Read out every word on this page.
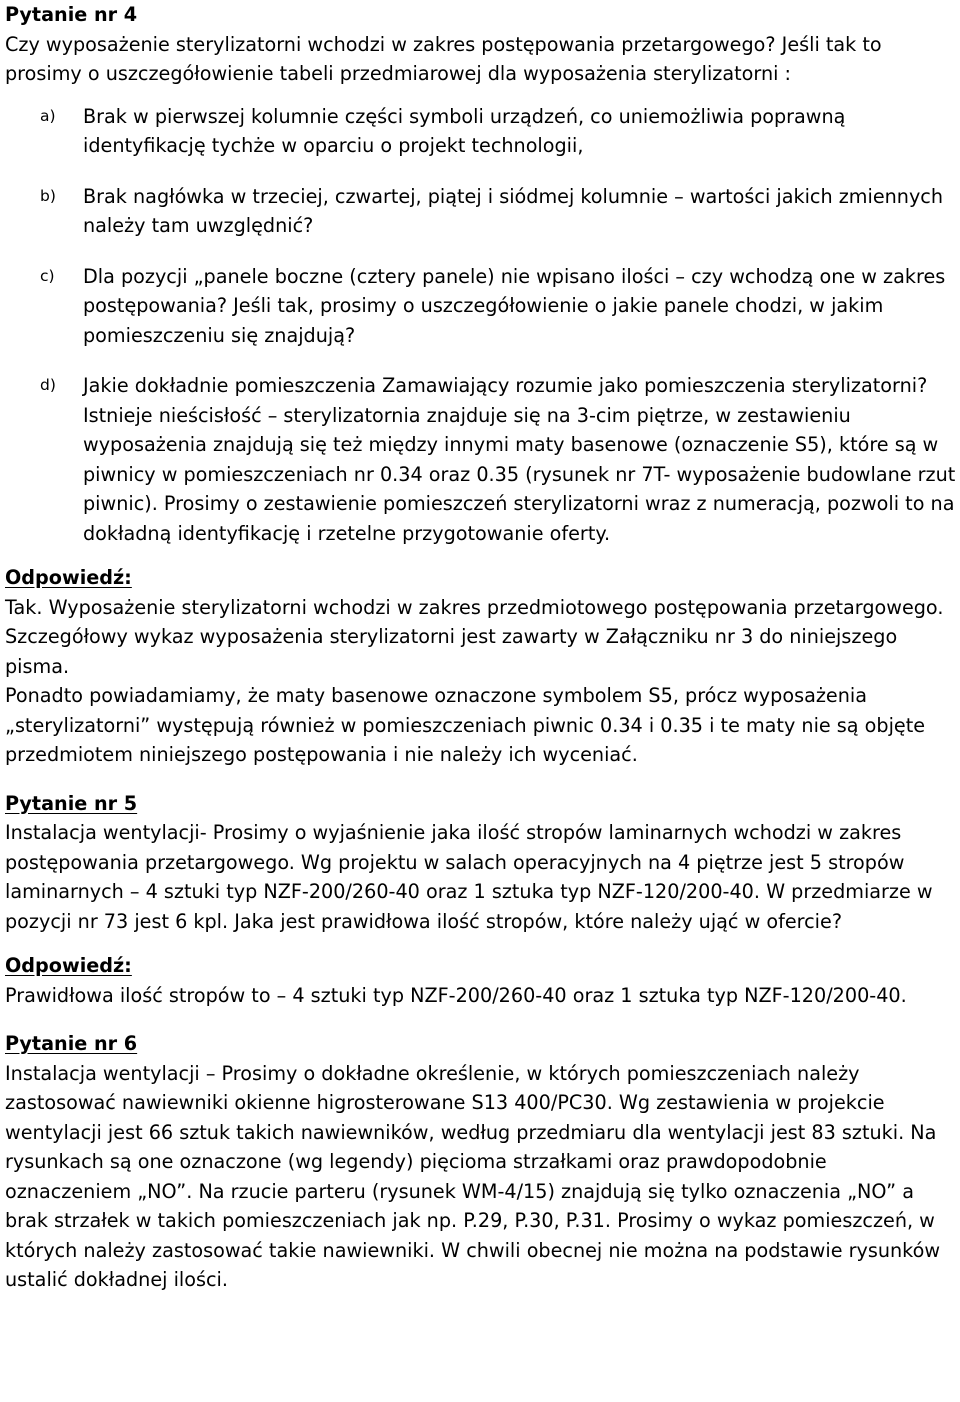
Pytanie nr 4

Czy wyposażenie sterylizatorni wchodzi w zakres postępowania przetargowego? Jeśli tak to prosimy o uszczegółowienie tabeli przedmiarowej dla wyposażenia sterylizatorni :

a)	Brak w pierwszej kolumnie części symboli urządzeń, co uniemożliwia poprawną identyfikację tychże w oparciu o projekt technologii,
b)	Brak nagłówka w trzeciej, czwartej, piątej i siódmej kolumnie – wartości jakich zmiennych należy tam uwzględnić?
c)	Dla pozycji „panele boczne (cztery panele) nie wpisano ilości – czy wchodzą one w zakres postępowania? Jeśli tak, prosimy o uszczegółowienie o jakie panele chodzi, w jakim pomieszczeniu się znajdują?
d)	Jakie dokładnie pomieszczenia Zamawiający rozumie jako pomieszczenia sterylizatorni? Istnieje nieścisłość – sterylizatornia znajduje się na 3-cim piętrze, w zestawieniu wyposażenia znajdują się też między innymi maty basenowe (oznaczenie S5), które są w piwnicy w pomieszczeniach nr 0.34 oraz 0.35 (rysunek nr 7T- wyposażenie budowlane rzut piwnic). Prosimy o zestawienie pomieszczeń sterylizatorni wraz z numeracją, pozwoli to na dokładną identyfikację i rzetelne przygotowanie oferty.

Odpowiedź:

Tak. Wyposażenie sterylizatorni wchodzi w zakres przedmiotowego postępowania przetargowego. Szczegółowy wykaz wyposażenia sterylizatorni jest zawarty w Załączniku nr 3 do niniejszego pisma.

Ponadto powiadamiamy, że maty basenowe oznaczone symbolem S5, prócz wyposażenia „sterylizatorni” występują również w pomieszczeniach piwnic 0.34 i 0.35 i te maty nie są objęte przedmiotem niniejszego postępowania i nie należy ich wyceniać.

Pytanie nr 5

Instalacja wentylacji- Prosimy o wyjaśnienie jaka ilość stropów laminarnych wchodzi w zakres postępowania przetargowego. Wg projektu w salach operacyjnych na 4 piętrze jest 5 stropów laminarnych – 4 sztuki typ NZF-200/260-40 oraz 1 sztuka typ NZF-120/200-40. W przedmiarze w pozycji nr 73 jest 6 kpl. Jaka jest prawidłowa ilość stropów, które należy ująć w ofercie?

Odpowiedź:

Prawidłowa ilość stropów to – 4 sztuki typ NZF-200/260-40 oraz 1 sztuka typ NZF-120/200-40.

Pytanie nr 6

Instalacja wentylacji – Prosimy o dokładne określenie, w których pomieszczeniach należy zastosować nawiewniki okienne higrosterowane S13 400/PC30. Wg zestawienia w projekcie wentylacji jest 66 sztuk takich nawiewników, według przedmiaru dla wentylacji jest 83 sztuki. Na rysunkach są one oznaczone (wg legendy) pięcioma strzałkami oraz prawdopodobnie oznaczeniem „NO”. Na rzucie parteru (rysunek WM-4/15) znajdują się tylko oznaczenia „NO” a brak strzałek w takich pomieszczeniach jak np. P.29, P.30, P.31. Prosimy o wykaz pomieszczeń, w których należy zastosować takie nawiewniki. W chwili obecnej nie można na podstawie rysunków ustalić dokładnej ilości.
